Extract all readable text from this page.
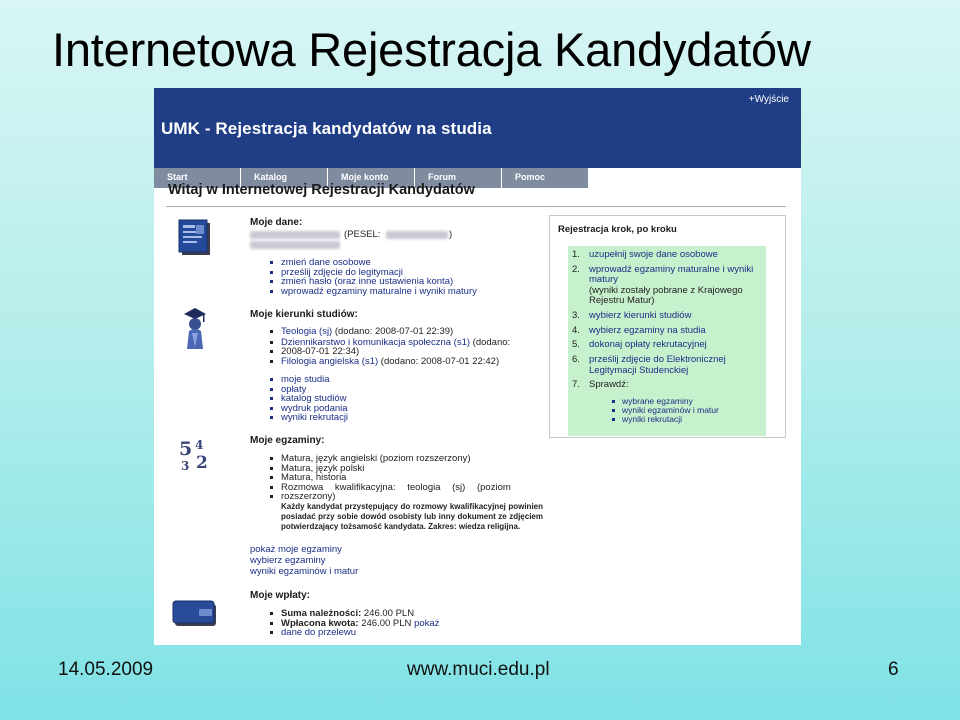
Internetowa Rejestracja Kandydatów
+Wyjście
UMK - Rejestracja kandydatów na studia
Start	Katalog	Moje konto	Forum	Pomoc
Witaj w Internetowej Rejestracji Kandydatów
Moje dane:
(PESEL:	)
zmień dane osobowe
prześlij zdjęcie do legitymacji
zmień hasło (oraz inne ustawienia konta)
wprowadź egzaminy maturalne i wyniki matury
Moje kierunki studiów:
Teologia (sj) (dodano: 2008-07-01 22:39)
Dziennikarstwo i komunikacja społeczna (s1) (dodano:
2008-07-01 22:34)
Filologia angielska (s1) (dodano: 2008-07-01 22:42)
moje studia
opłaty
katalog studiów
wydruk podania
wyniki rekrutacji
5 4
3 2
Moje egzaminy:
Matura, język angielski (poziom rozszerzony)
Matura, język polski
Matura, historia
Rozmowa kwalifikacyjna: teologia (sj) (poziom
rozszerzony)
Każdy kandydat przystępujący do rozmowy kwalifikacyjnej powinien posiadać przy sobie dowód osobisty lub inny dokument ze zdjęciem potwierdzający tożsamość kandydata. Zakres: wiedza religijna.
pokaż moje egzaminy
wybierz egzaminy
wyniki egzaminów i matur
Moje wpłaty:
Suma należności: 246.00 PLN
Wpłacona kwota: 246.00 PLN pokaż
dane do przelewu
Rejestracja krok, po kroku
1. uzupełnij swoje dane osobowe
2. wprowadź egzaminy maturalne i wyniki matury
(wyniki zostały pobrane z Krajowego Rejestru Matur)
3. wybierz kierunki studiów
4. wybierz egzaminy na studia
5. dokonaj opłaty rekrutacyjnej
6. prześlij zdjęcie do Elektronicznej Legitymacji Studenckiej
7. Sprawdź:
wybrane egzaminy
wyniki egzaminów i matur
wyniki rekrutacji
14.05.2009	www.muci.edu.pl	6
